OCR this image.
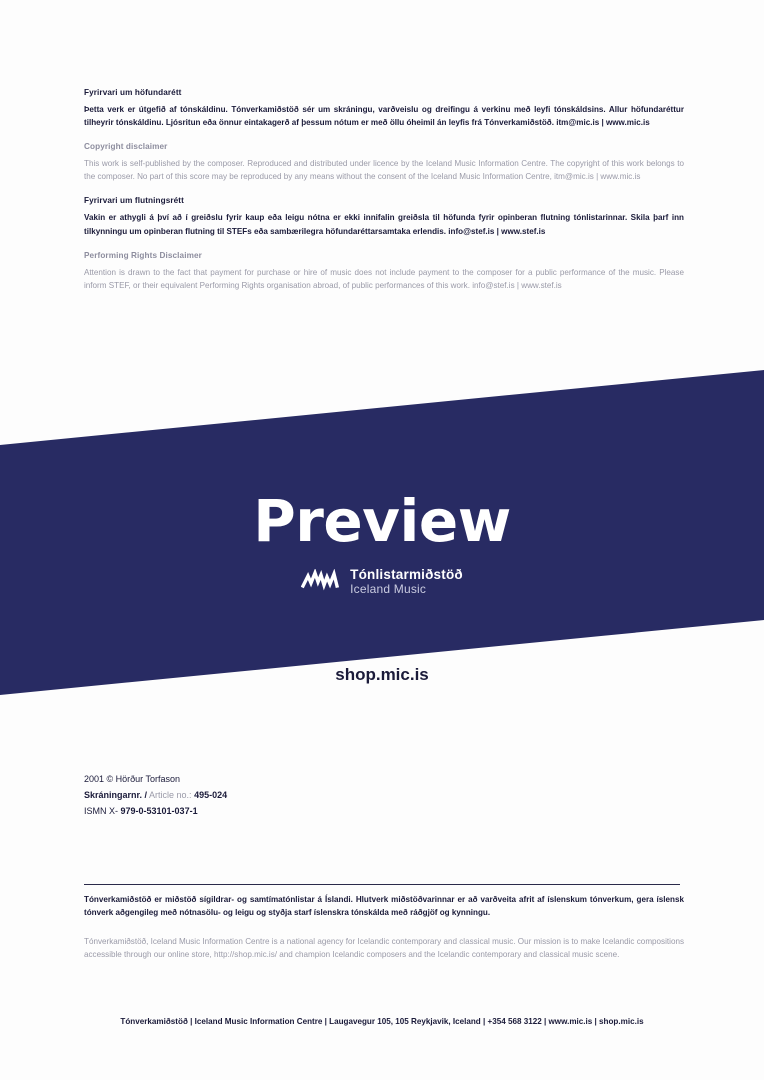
Fyrirvari um höfundarétt

Þetta verk er útgefið af tónskáldinu. Tónverkamiðstöð sér um skráningu, varðveislu og dreifingu á verkinu með leyfi tónskáldsins. Allur höfundaréttur tilheyrir tónskáldinu. Ljósritun eða önnur eintakagerð af þessum nótum er með öllu óheimil án leyfis frá Tónverkamiðstöð. itm@mic.is | www.mic.is

Copyright disclaimer

This work is self-published by the composer. Reproduced and distributed under licence by the Iceland Music Information Centre. The copyright of this work belongs to the composer. No part of this score may be reproduced by any means without the consent of the Iceland Music Information Centre, itm@mic.is | www.mic.is

Fyrirvari um flutningsrétt

Vakin er athygli á því að í greiðslu fyrir kaup eða leigu nótna er ekki innifalin greiðsla til höfunda fyrir opinberan flutning tónlistarinnar. Skila þarf inn tilkynningu um opinberan flutning til STEFs eða sambærilegra höfundaréttarsamtaka erlendis. info@stef.is | www.stef.is

Performing Rights Disclaimer

Attention is drawn to the fact that payment for purchase or hire of music does not include payment to the composer for a public performance of the music. Please inform STEF, or their equivalent Performing Rights organisation abroad, of public performances of this work. info@stef.is | www.stef.is

Preview
Tónlistarmiðstöð
Iceland Music
shop.mic.is
2001 © Hörður Torfason
Skráningarnr. / Article no.: 495-024
ISMN X- 979-0-53101-037-1

Tónverkamiðstöð er miðstöð sígildrar- og samtímatónlistar á Íslandi. Hlutverk miðstöðvarinnar er að varðveita afrit af íslenskum tónverkum, gera íslensk tónverk aðgengileg með nótnasölu- og leigu og styðja starf íslenskra tónskálda með ráðgjöf og kynningu.

Tónverkamiðstöð, Iceland Music Information Centre is a national agency for Icelandic contemporary and classical music. Our mission is to make Icelandic compositions accessible through our online store, http://shop.mic.is/ and champion Icelandic composers and the Icelandic contemporary and classical music scene.

Tónverkamiðstöð | Iceland Music Information Centre | Laugavegur 105, 105 Reykjavik, Iceland | +354 568 3122 | www.mic.is | shop.mic.is
